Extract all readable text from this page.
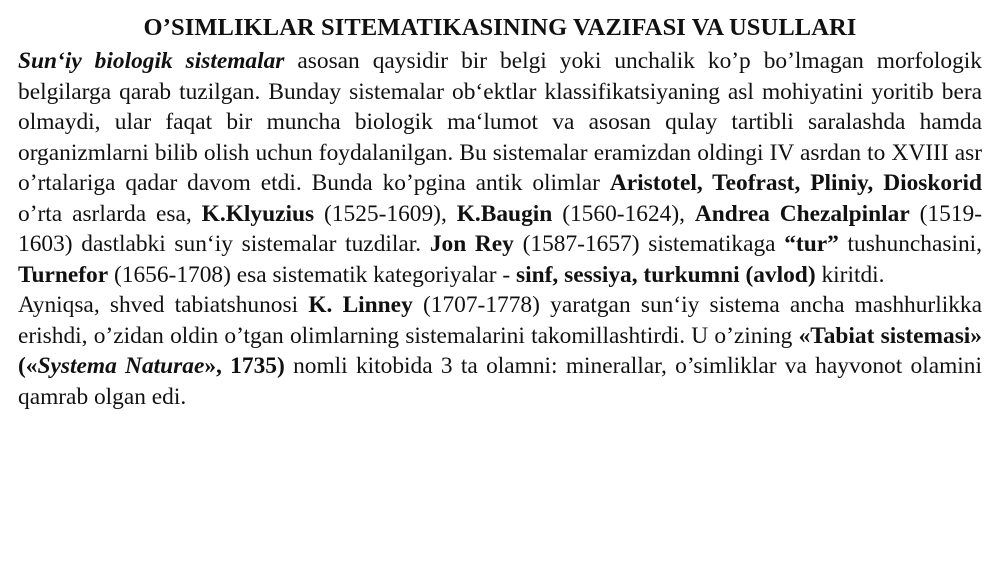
O’SIMLIKLAR SITEMATIKASINING VAZIFASI VA USULLARI

Sun‘iy biologik sistemalar asosan qaysidir bir belgi yoki unchalik ko’p bo’lmagan morfologik belgilarga qarab tuzilgan. Bunday sistemalar ob‘ektlar klassifikatsiyaning asl mohiyatini yoritib bera olmaydi, ular faqat bir muncha biologik ma‘lumot va asosan qulay tartibli saralashda hamda organizmlarni bilib olish uchun foydalanilgan. Bu sistemalar eramizdan oldingi IV asrdan to XVIII asr o’rtalariga qadar davom etdi. Bunda ko’pgina antik olimlar Aristotel, Teofrast, Pliniy, Dioskorid o’rta asrlarda esa, K.Klyuzius (1525-1609), K.Baugin (1560-1624), Andrea Chezalpinlar (1519-1603) dastlabki sun‘iy sistemalar tuzdilar. Jon Rey (1587-1657) sistematikaga “tur” tushunchasini, Turnefor (1656-1708) esa sistematik kategoriyalar - sinf, sessiya, turkumni (avlod) kiritdi.

Ayniqsa, shved tabiatshunosi K. Linney (1707-1778) yaratgan sun‘iy sistema ancha mashhurlikka erishdi, o’zidan oldin o’tgan olimlarning sistemalarini takomillashtirdi. U o’zining «Tabiat sistemasi» («Systema Naturae», 1735) nomli kitobida 3 ta olamni: minerallar, o’simliklar va hayvonot olamini qamrab olgan edi.
